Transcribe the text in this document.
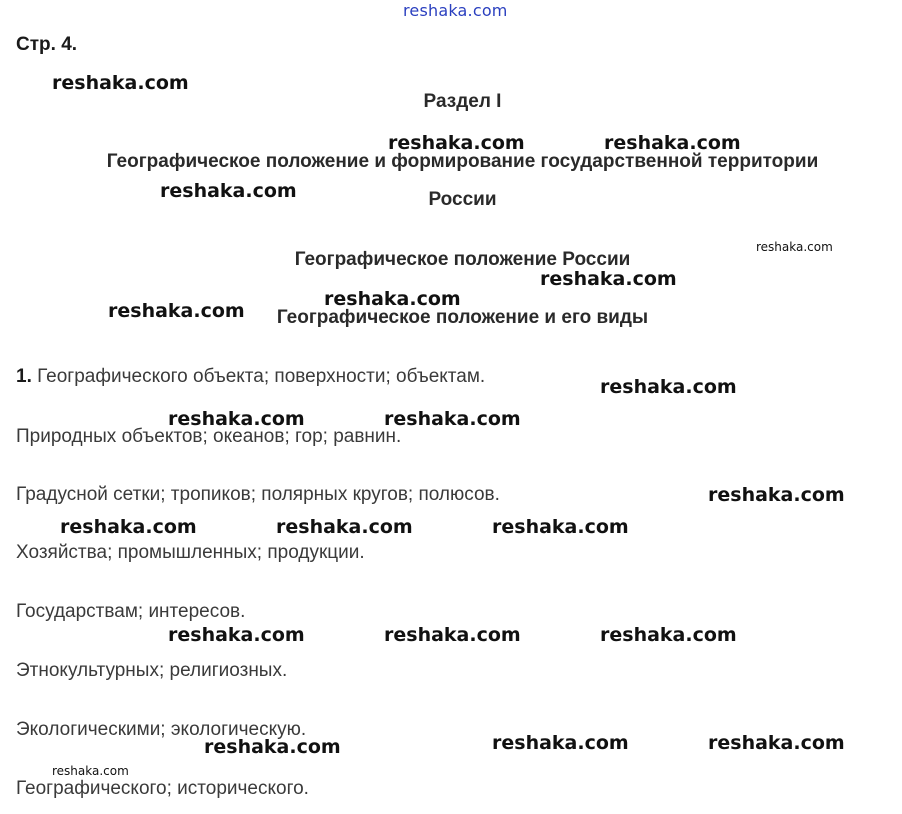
reshaka.com
Стр. 4.
Раздел I
Географическое положение и формирование государственной территории
России
Географическое положение России
Географическое положение и его виды
1. Географического объекта; поверхности; объектам.
Природных объектов; океанов; гор; равнин.
Градусной сетки; тропиков; полярных кругов; полюсов.
Хозяйства; промышленных; продукции.
Государствам; интересов.
Этнокультурных; религиозных.
Экологическими; экологическую.
Географического; исторического.
reshaka.com
reshaka.com	reshaka.com
reshaka.com
reshaka.com
reshaka.com
reshaka.com
reshaka.com
reshaka.com
reshaka.com	reshaka.com
reshaka.com
reshaka.com	reshaka.com	reshaka.com
reshaka.com	reshaka.com	reshaka.com
reshaka.com	reshaka.com	reshaka.com
reshaka.com
